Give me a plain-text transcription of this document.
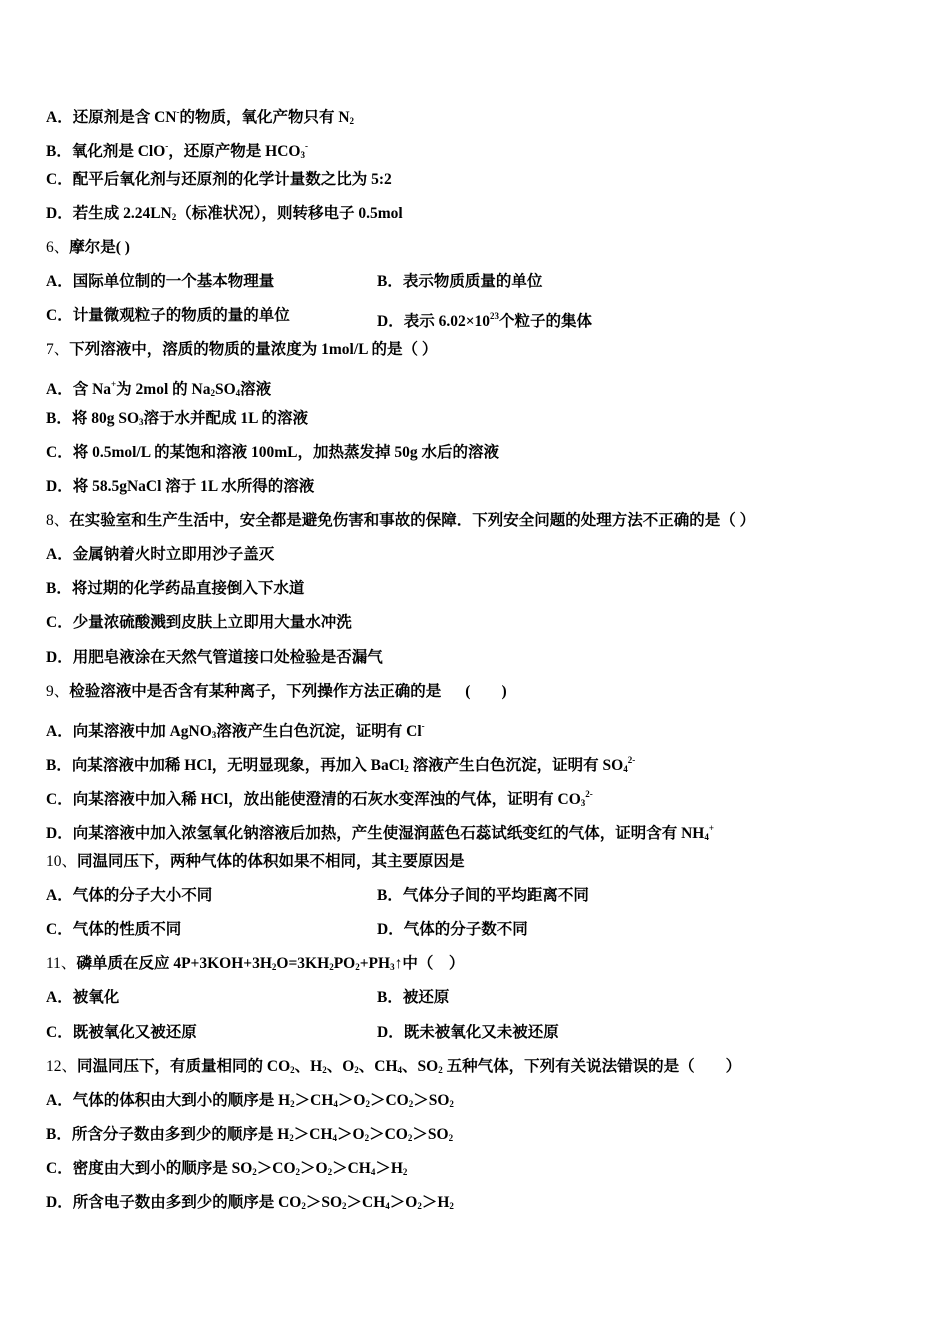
A．还原剂是含 CN-的物质，氧化产物只有 $N_2$
B．氧化剂是 ClO-，还原产物是 $HCO_3^-$
C．配平后氧化剂与还原剂的化学计量数之比为 5:2
D．若生成 $2.24LN_2$（标准状况），则转移电子 0.5mol
6、摩尔是( )
A．国际单位制的一个基本物理量	B．表示物质质量的单位
C．计量微观粒子的物质的量的单位	D．表示 $6.02\times 10^{23}$个粒子的集体
7、下列溶液中，溶质的物质的量浓度为 1mol/L 的是（ ）
A．含 Na+为 2mol 的 $Na_2SO_4$溶液
B．将 80g $SO_3$溶于水并配成 1L 的溶液
C．将 0.5mol/L 的某饱和溶液 100mL，加热蒸发掉 50g 水后的溶液
D．将 58.5gNaCl 溶于 1L 水所得的溶液
8、在实验室和生产生活中，安全都是避免伤害和事故的保障．下列安全问题的处理方法不正确的是（ ）
A．金属钠着火时立即用沙子盖灭
B．将过期的化学药品直接倒入下水道
C．少量浓硫酸溅到皮肤上立即用大量水冲洗
D．用肥皂液涂在天然气管道接口处检验是否漏气
9、检验溶液中是否含有某种离子，下列操作方法正确的是 (　　)
A．向某溶液中加 AgNO$_3$溶液产生白色沉淀，证明有 Cl-
B．向某溶液中加稀 HCl，无明显现象，再加入 BaCl$_2$ 溶液产生白色沉淀，证明有 $SO_4^{2-}$
C．向某溶液中加入稀 HCl，放出能使澄清的石灰水变浑浊的气体，证明有 $CO_3^{2-}$
D．向某溶液中加入浓氢氧化钠溶液后加热，产生使湿润蓝色石蕊试纸变红的气体，证明含有 $NH_4^+$
10、同温同压下，两种气体的体积如果不相同，其主要原因是
A．气体的分子大小不同	B．气体分子间的平均距离不同
C．气体的性质不同	D．气体的分子数不同
11、磷单质在反应 $4P+3KOH+3H_2O=3KH_2PO_2+PH_3↑$中（　）
A．被氧化	B．被还原
C．既被氧化又被还原	D．既未被氧化又未被还原
12、同温同压下，有质量相同的 $CO_2$、$H_2$、$O_2$、$CH_4$、$SO_2$ 五种气体，下列有关说法错误的是（　　）
A．气体的体积由大到小的顺序是 $H_2>CH_4>O_2>CO_2>SO_2$
B．所含分子数由多到少的顺序是 $H_2>CH_4>O_2>CO_2>SO_2$
C．密度由大到小的顺序是 $SO_2>CO_2>O_2>CH_4>H_2$
D．所含电子数由多到少的顺序是 $CO_2>SO_2>CH_4>O_2>H_2$
